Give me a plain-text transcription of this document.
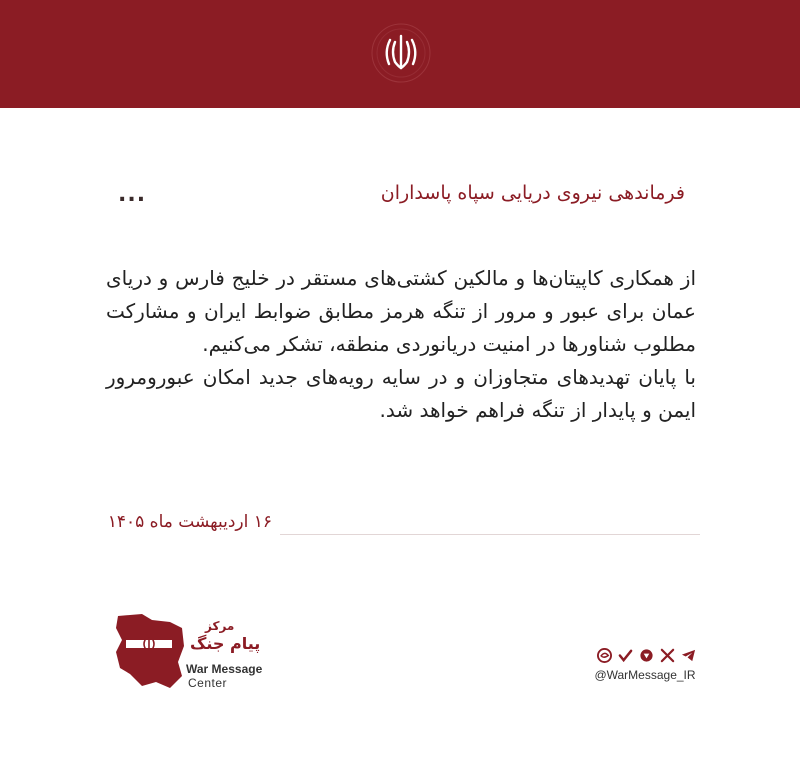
...	فرماندهی نیروی دریایی سپاه پاسداران

از همکاری کاپیتان‌ها و مالکین کشتی‌های مستقر در خلیج فارس و دریای عمان برای عبور و مرور از تنگه هرمز مطابق ضوابط ایران و مشارکت مطلوب شناورها در امنیت دریانوردی منطقه، تشکر می‌کنیم.

با پایان تهدیدهای متجاوزان و در سایه رویه‌های جدید امکان عبورومرور ایمن و پایدار از تنگه فراهم خواهد شد.

۱۶ اردیبهشت ماه ۱۴۰۵
مرکز
پیام جنگ
War Message
Center
@WarMessage_IR
